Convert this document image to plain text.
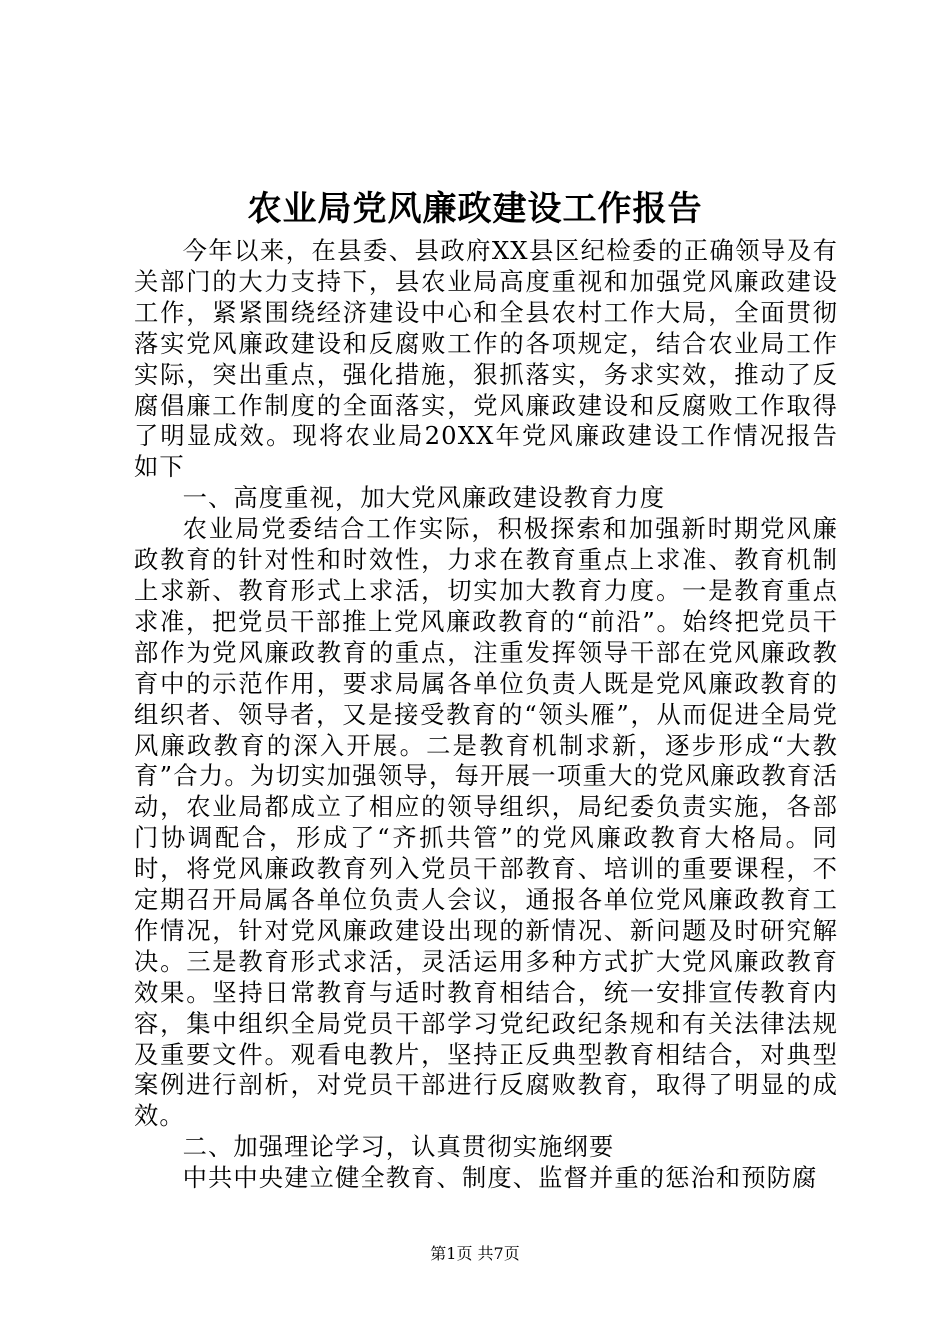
农业局党风廉政建设工作报告

今年以来，在县委、县政府XX县区纪检委的正确领导及有关部门的大力支持下，县农业局高度重视和加强党风廉政建设工作，紧紧围绕经济建设中心和全县农村工作大局，全面贯彻落实党风廉政建设和反腐败工作的各项规定，结合农业局工作实际，突出重点，强化措施，狠抓落实，务求实效，推动了反腐倡廉工作制度的全面落实，党风廉政建设和反腐败工作取得了明显成效。现将农业局20XX年党风廉政建设工作情况报告如下

一、高度重视，加大党风廉政建设教育力度

农业局党委结合工作实际，积极探索和加强新时期党风廉政教育的针对性和时效性，力求在教育重点上求准、教育机制上求新、教育形式上求活，切实加大教育力度。一是教育重点求准，把党员干部推上党风廉政教育的“前沿”。始终把党员干部作为党风廉政教育的重点，注重发挥领导干部在党风廉政教育中的示范作用，要求局属各单位负责人既是党风廉政教育的组织者、领导者，又是接受教育的“领头雁”，从而促进全局党风廉政教育的深入开展。二是教育机制求新，逐步形成“大教育”合力。为切实加强领导，每开展一项重大的党风廉政教育活动，农业局都成立了相应的领导组织，局纪委负责实施，各部门协调配合，形成了“齐抓共管”的党风廉政教育大格局。同时，将党风廉政教育列入党员干部教育、培训的重要课程，不定期召开局属各单位负责人会议，通报各单位党风廉政教育工作情况，针对党风廉政建设出现的新情况、新问题及时研究解决。三是教育形式求活，灵活运用多种方式扩大党风廉政教育效果。坚持日常教育与适时教育相结合，统一安排宣传教育内容，集中组织全局党员干部学习党纪政纪条规和有关法律法规及重要文件。观看电教片，坚持正反典型教育相结合，对典型案例进行剖析，对党员干部进行反腐败教育，取得了明显的成效。

二、加强理论学习，认真贯彻实施纲要

中共中央建立健全教育、制度、监督并重的惩治和预防腐

第1页 共7页
